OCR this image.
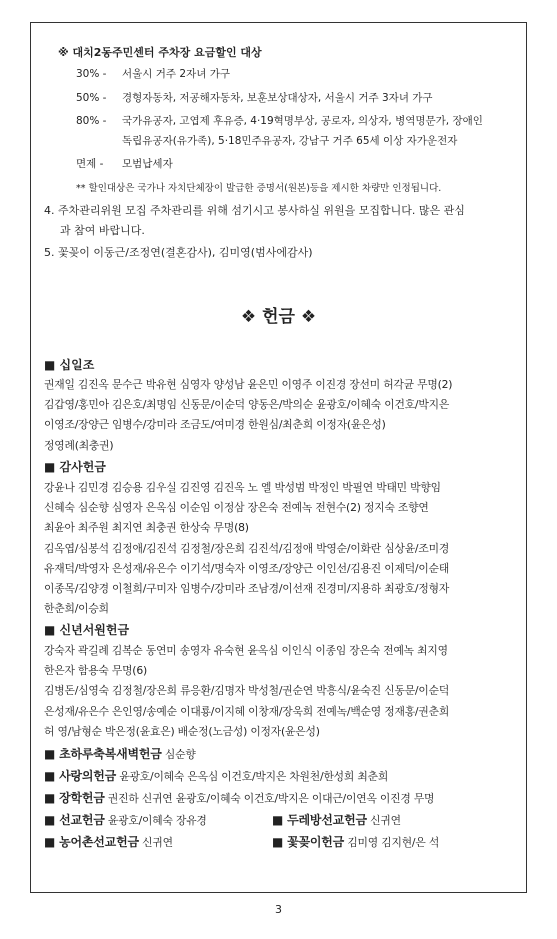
※ 대치2동주민센터 주차장 요금할인 대상
30% - 서울시 거주 2자녀 가구
50% - 경형자동차, 저공해자동차, 보훈보상대상자, 서울시 거주 3자녀 가구
80% - 국가유공자, 고엽제 후유증, 4·19혁명부상, 공로자, 의상자, 병역명문가, 장애인
독립유공자(유가족), 5·18민주유공자, 강남구 거주 65세 이상 자가운전자
면제 - 모범납세자
** 할인대상은 국가나 자치단체장이 발급한 증명서(원본)등을 제시한 차량만 인정됩니다.
4. 주차관리위원 모집 주차관리를 위해 섬기시고 봉사하실 위원을 모집합니다. 많은 관심
과 참여 바랍니다.
5. 꽃꽂이 이동근/조정연(결혼감사), 김미영(범사에감사)
❖ 헌금 ❖
■ 십일조
권재일 김진옥 문수근 박유현 심영자 양성남 윤은민 이영주 이진경 장선미 허각균 무명(2)
김갑영/홍민아 김은호/최명임 신동문/이순덕 양동은/박의순 윤광호/이혜숙 이건호/박지은
이영조/장양근 임병수/강미라 조금도/여미경 한원심/최춘희 이정자(윤은성)
정영례(최충권)
■ 감사헌금
강윤나 김민경 김승용 김우실 김진영 김진옥 노 엘 박성범 박정인 박필연 박태민 박향임
신혜숙 심순향 심영자 은옥심 이순임 이정삼 장은숙 전예녹 전현수(2) 정지숙 조향연
최윤아 최주원 최지연 최충권 한상숙 무명(8)
김옥엽/심봉석 김정애/김진석 김정철/장은희 김진석/김정애 박영순/이화란 심상윤/조미경
유재덕/박영자 은성재/유은수 이기석/명숙자 이영조/장양근 이인선/김용진 이제덕/이순태
이종목/김양경 이철희/구미자 임병수/강미라 조남경/이선재 진경미/지용하 최광호/정형자
한춘희/이승희
■ 신년서원헌금
강숙자 곽길례 김복순 동연미 송영자 유숙현 윤옥심 이인식 이종임 장은숙 전예녹 최지영
한은자 함용숙 무명(6)
김병돈/심영숙 김정철/장은희 류응환/김명자 박성철/권순연 박흥식/윤숙진 신동문/이순덕
은성재/유은수 은인영/송예순 이대룡/이지혜 이창재/장욱희 전예녹/백순영 정재홍/권춘희
허 영/남형순 박은정(윤효은) 배순정(노금성) 이정자(윤은성)
■ 초하루축복새벽헌금 심순향
■ 사랑의헌금 윤광호/이혜숙 은옥심 이건호/박지은 차원천/한성희 최춘희
■ 장학헌금 권진하 신귀연 윤광호/이혜숙 이건호/박지은 이대근/이연옥 이진경 무명
■ 선교헌금 윤광호/이혜숙 장유경	■ 두레방선교헌금 신귀연
■ 농어촌선교헌금 신귀연	■ 꽃꽂이헌금 김미영 김지현/은 석
3
